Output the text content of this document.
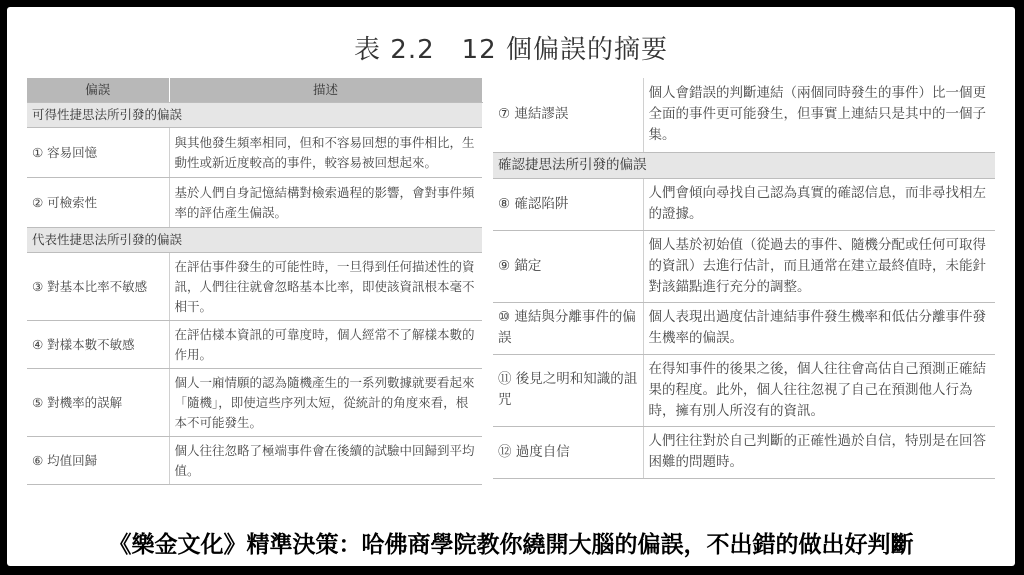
表 2.2　12 個偏誤的摘要
偏誤	描述
可得性捷思法所引發的偏誤	
① 容易回憶	與其他發生頻率相同，但和不容易回想的事件相比，生動性或新近度較高的事件，較容易被回想起來。
② 可檢索性	基於人們自身記憶結構對檢索過程的影響，會對事件頻率的評估產生偏誤。
代表性捷思法所引發的偏誤	
③ 對基本比率不敏感	在評估事件發生的可能性時，一旦得到任何描述性的資訊，人們往往就會忽略基本比率，即使該資訊根本毫不相干。
④ 對樣本數不敏感	在評估樣本資訊的可靠度時，個人經常不了解樣本數的作用。
⑤ 對機率的誤解	個人一廂情願的認為隨機產生的一系列數據就要看起來「隨機」，即使這些序列太短，從統計的角度來看，根本不可能發生。
⑥ 均值回歸	個人往往忽略了極端事件會在後續的試驗中回歸到平均值。
⑦ 連結謬誤	個人會錯誤的判斷連結（兩個同時發生的事件）比一個更全面的事件更可能發生，但事實上連結只是其中的一個子集。
確認捷思法所引發的偏誤	
⑧ 確認陷阱	人們會傾向尋找自己認為真實的確認信息，而非尋找相左的證據。
⑨ 錨定	個人基於初始值（從過去的事件、隨機分配或任何可取得的資訊）去進行估計，而且通常在建立最終值時，未能針對該錨點進行充分的調整。
⑩ 連結與分離事件的偏誤	個人表現出過度估計連結事件發生機率和低估分離事件發生機率的偏誤。
⑪ 後見之明和知識的詛咒	在得知事件的後果之後，個人往往會高估自己預測正確結果的程度。此外，個人往往忽視了自己在預測他人行為時，擁有別人所沒有的資訊。
⑫ 過度自信	人們往往對於自己判斷的正確性過於自信，特別是在回答困難的問題時。
《樂金文化》精準決策：哈佛商學院教你繞開大腦的偏誤，不出錯的做出好判斷
